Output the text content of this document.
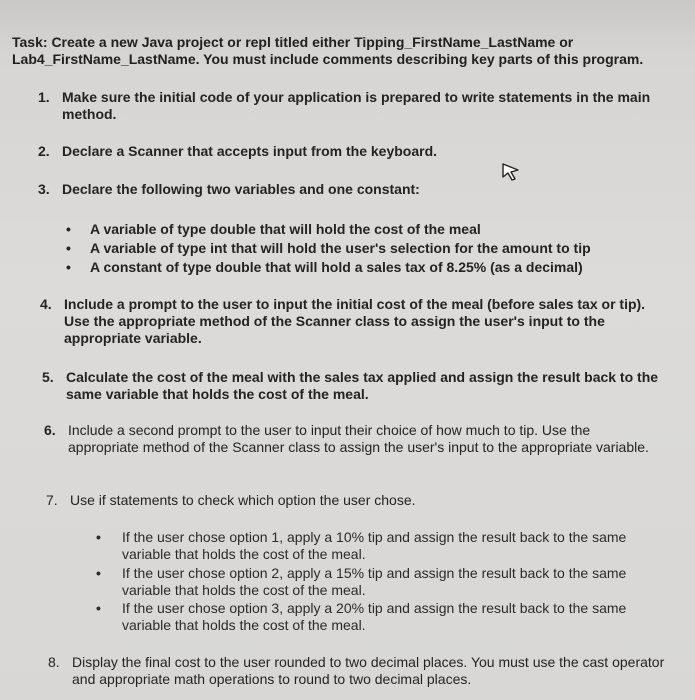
Task: Create a new Java project or repl titled either Tipping_FirstName_LastName or Lab4_FirstName_LastName. You must include comments describing key parts of this program.
1. Make sure the initial code of your application is prepared to write statements in the main method.
2. Declare a Scanner that accepts input from the keyboard.
3. Declare the following two variables and one constant:
• A variable of type double that will hold the cost of the meal
• A variable of type int that will hold the user's selection for the amount to tip
• A constant of type double that will hold a sales tax of 8.25% (as a decimal)
4. Include a prompt to the user to input the initial cost of the meal (before sales tax or tip). Use the appropriate method of the Scanner class to assign the user's input to the appropriate variable.
5. Calculate the cost of the meal with the sales tax applied and assign the result back to the same variable that holds the cost of the meal.
6. Include a second prompt to the user to input their choice of how much to tip. Use the appropriate method of the Scanner class to assign the user's input to the appropriate variable.
7. Use if statements to check which option the user chose.
• If the user chose option 1, apply a 10% tip and assign the result back to the same variable that holds the cost of the meal.
• If the user chose option 2, apply a 15% tip and assign the result back to the same variable that holds the cost of the meal.
• If the user chose option 3, apply a 20% tip and assign the result back to the same variable that holds the cost of the meal.
8. Display the final cost to the user rounded to two decimal places. You must use the cast operator and appropriate math operations to round to two decimal places.
